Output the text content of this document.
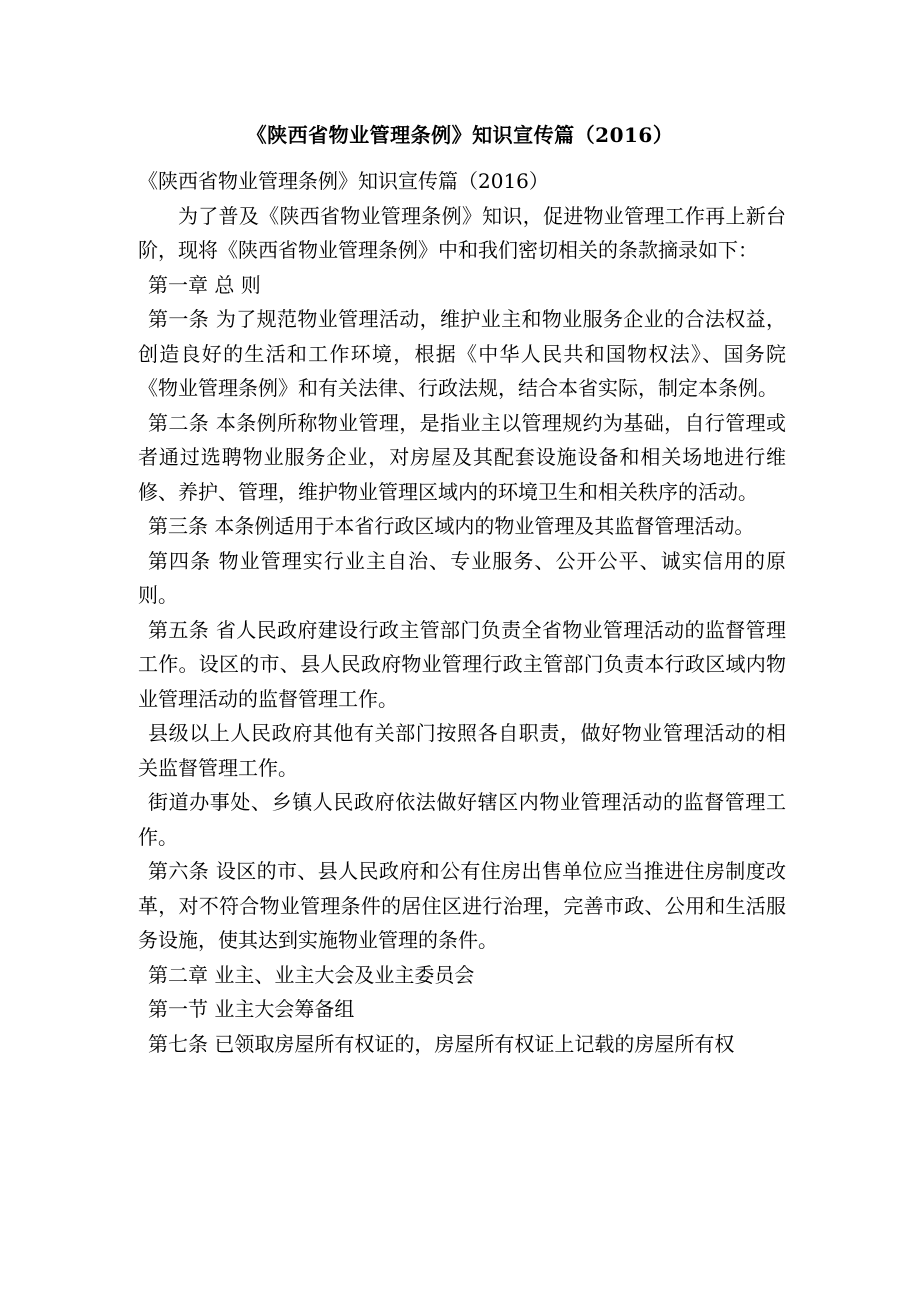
《陕西省物业管理条例》知识宣传篇（2016）

《陕西省物业管理条例》知识宣传篇（2016）

为了普及《陕西省物业管理条例》知识，促进物业管理工作再上新台阶，现将《陕西省物业管理条例》中和我们密切相关的条款摘录如下：

第一章 总 则

第一条 为了规范物业管理活动，维护业主和物业服务企业的合法权益，创造良好的生活和工作环境，根据《中华人民共和国物权法》、国务院《物业管理条例》和有关法律、行政法规，结合本省实际，制定本条例。

第二条 本条例所称物业管理，是指业主以管理规约为基础，自行管理或者通过选聘物业服务企业，对房屋及其配套设施设备和相关场地进行维修、养护、管理，维护物业管理区域内的环境卫生和相关秩序的活动。

第三条 本条例适用于本省行政区域内的物业管理及其监督管理活动。

第四条 物业管理实行业主自治、专业服务、公开公平、诚实信用的原则。

第五条 省人民政府建设行政主管部门负责全省物业管理活动的监督管理工作。设区的市、县人民政府物业管理行政主管部门负责本行政区域内物业管理活动的监督管理工作。

县级以上人民政府其他有关部门按照各自职责，做好物业管理活动的相关监督管理工作。

街道办事处、乡镇人民政府依法做好辖区内物业管理活动的监督管理工作。

第六条 设区的市、县人民政府和公有住房出售单位应当推进住房制度改革，对不符合物业管理条件的居住区进行治理，完善市政、公用和生活服务设施，使其达到实施物业管理的条件。

第二章 业主、业主大会及业主委员会

第一节 业主大会筹备组

第七条 已领取房屋所有权证的，房屋所有权证上记载的房屋所有权
